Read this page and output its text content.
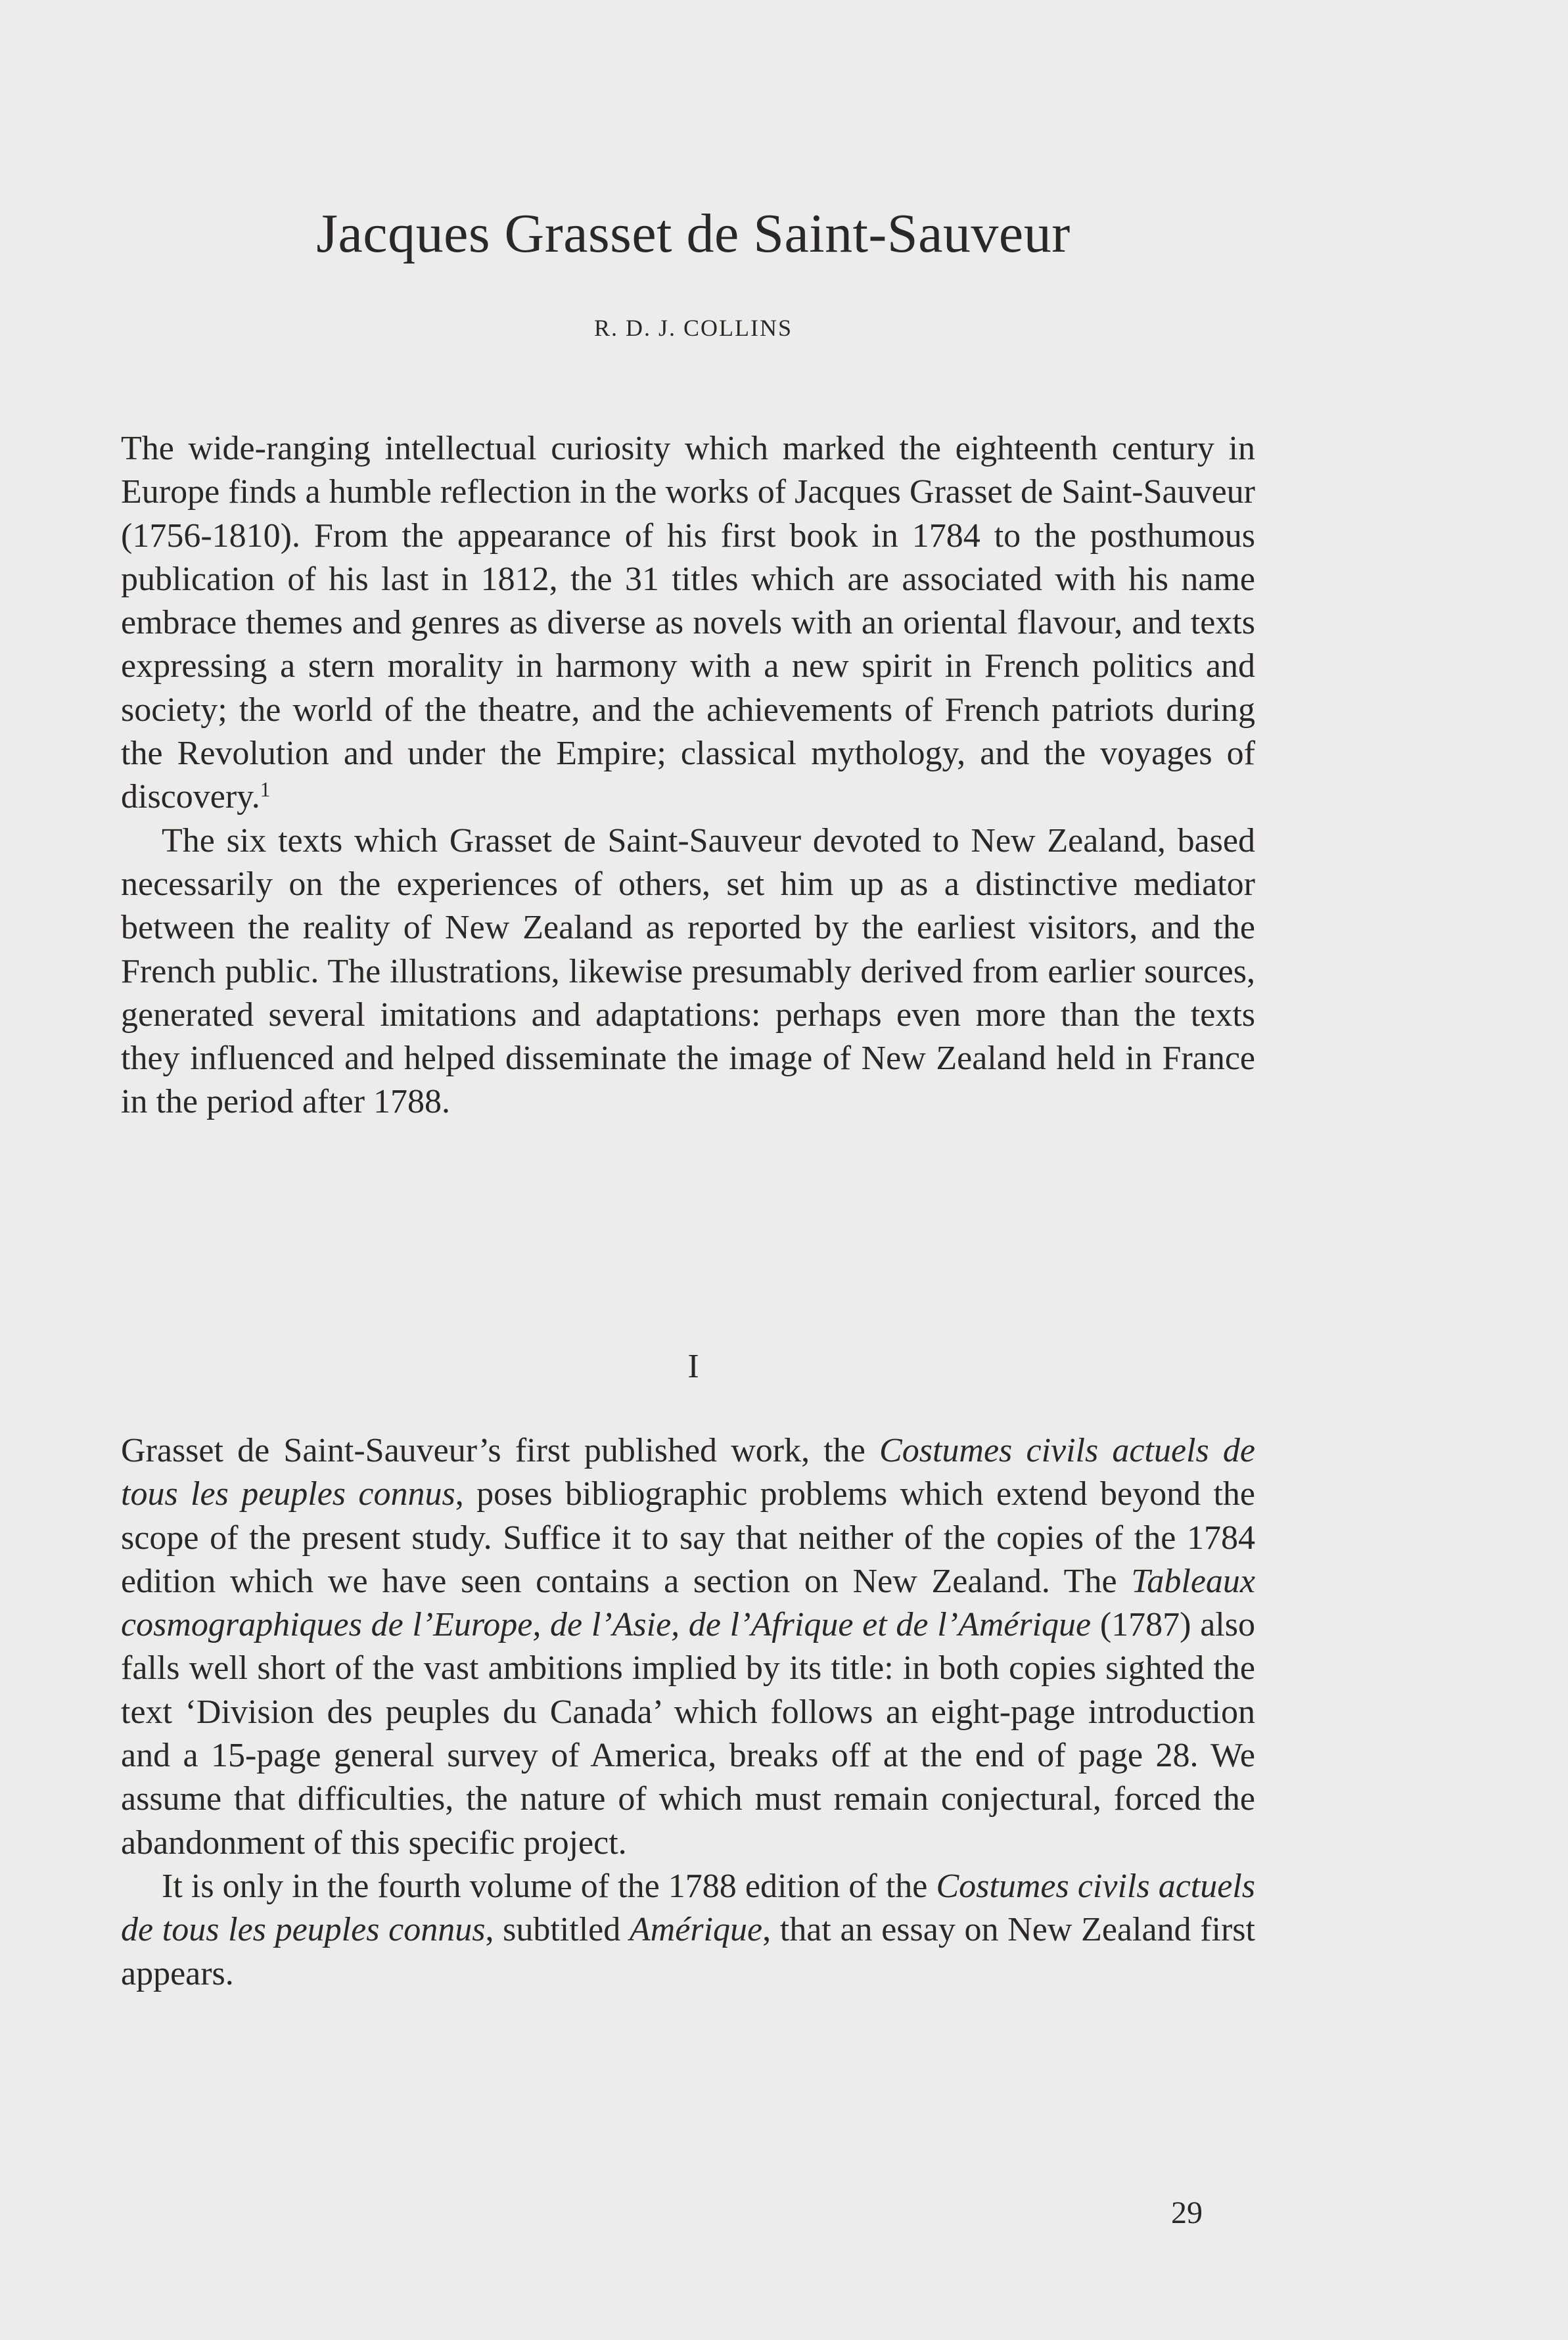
Jacques Grasset de Saint-Sauveur
R. D. J. COLLINS

The wide-ranging intellectual curiosity which marked the eighteenth century in Europe finds a humble reflection in the works of Jacques Grasset de Saint-Sauveur (1756-1810). From the appearance of his first book in 1784 to the posthumous publication of his last in 1812, the 31 titles which are associated with his name embrace themes and genres as diverse as novels with an oriental flavour, and texts expressing a stern morality in harmony with a new spirit in French politics and society; the world of the theatre, and the achievements of French patriots during the Revolution and under the Empire; classical mythology, and the voyages of discovery.$^1$

The six texts which Grasset de Saint-Sauveur devoted to New Zealand, based necessarily on the experiences of others, set him up as a distinctive mediator between the reality of New Zealand as reported by the earliest visitors, and the French public. The illustrations, likewise presumably derived from earlier sources, generated several imitations and adaptations: perhaps even more than the texts they influenced and helped disseminate the image of New Zealand held in France in the period after 1788.

I

Grasset de Saint-Sauveur’s first published work, the Costumes civils actuels de tous les peuples connus, poses bibliographic problems which extend beyond the scope of the present study. Suffice it to say that neither of the copies of the 1784 edition which we have seen contains a section on New Zealand. The Tableaux cosmographiques de l’Europe, de l’Asie, de l’Afrique et de l’Amérique (1787) also falls well short of the vast ambitions implied by its title: in both copies sighted the text ‘Division des peuples du Canada’ which follows an eight-page introduction and a 15-page general survey of America, breaks off at the end of page 28. We assume that difficulties, the nature of which must remain conjectural, forced the abandonment of this specific project.

It is only in the fourth volume of the 1788 edition of the Costumes civils actuels de tous les peuples connus, subtitled Amérique, that an essay on New Zealand first appears.

29
